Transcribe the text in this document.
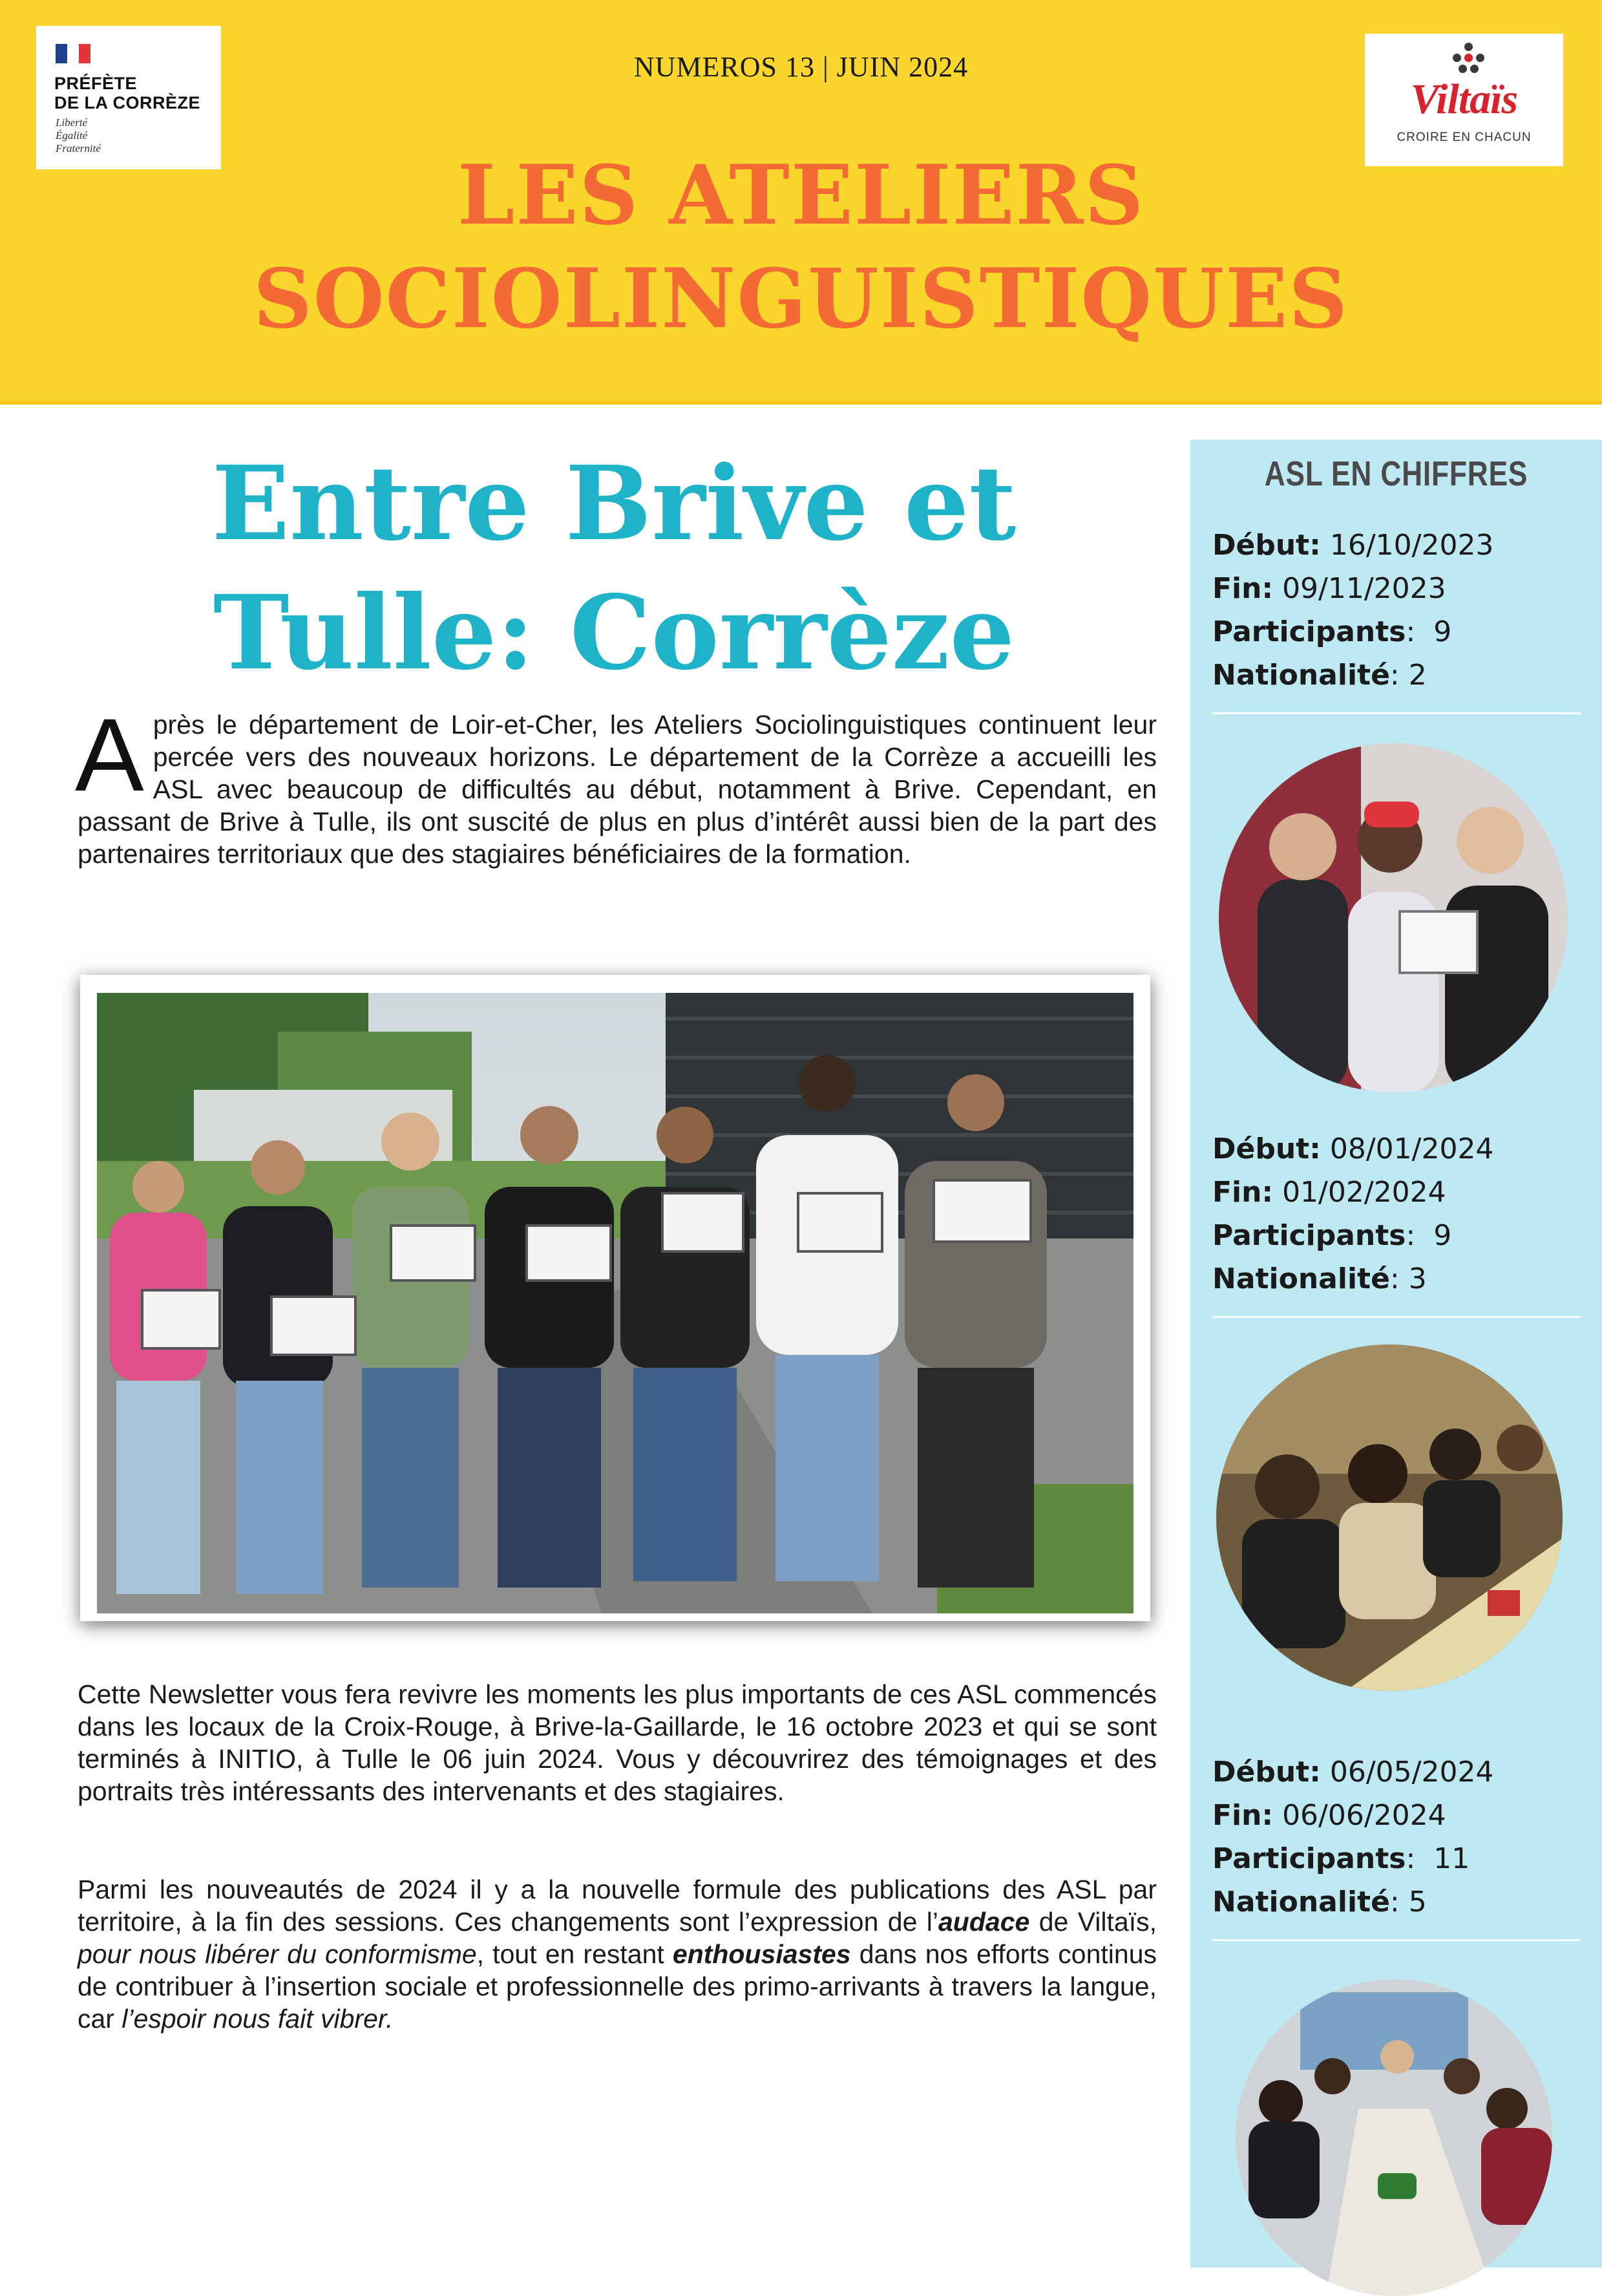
PRÉFÈTE
DE LA CORRÈZE
Liberté
Égalité
Fraternité
NUMEROS 13 | JUIN 2024
Viltaïs
CROIRE EN CHACUN
LES ATELIERS
SOCIOLINGUISTIQUES
Entre Brive et
Tulle: Corrèze
Après le département de Loir-et-Cher, les Ateliers Sociolinguistiques continuent leur percée vers des nouveaux horizons. Le département de la Corrèze a accueilli les ASL avec beaucoup de difficultés au début, notamment à Brive. Cependant, en passant de Brive à Tulle, ils ont suscité de plus en plus d’intérêt aussi bien de la part des partenaires territoriaux que des stagiaires bénéficiaires de la formation.
Cette Newsletter vous fera revivre les moments les plus importants de ces ASL commencés dans les locaux de la Croix-Rouge, à Brive-la-Gaillarde, le 16 octobre 2023 et qui se sont terminés à INITIO, à Tulle le 06 juin 2024. Vous y découvrirez des témoignages et des portraits très intéressants des intervenants et des stagiaires.
Parmi les nouveautés de 2024 il y a la nouvelle formule des publications des ASL par territoire, à la fin des sessions. Ces changements sont l’expression de l’audace de Viltaïs, pour nous libérer du conformisme, tout en restant enthousiastes dans nos efforts continus de contribuer à l’insertion sociale et professionnelle des primo-arrivants à travers la langue, car l’espoir nous fait vibrer.
ASL EN CHIFFRES
Début: 16/10/2023
Fin: 09/11/2023
Participants:  9
Nationalité: 2
Début: 08/01/2024
Fin: 01/02/2024
Participants:  9
Nationalité: 3
Début: 06/05/2024
Fin: 06/06/2024
Participants:  11
Nationalité: 5
